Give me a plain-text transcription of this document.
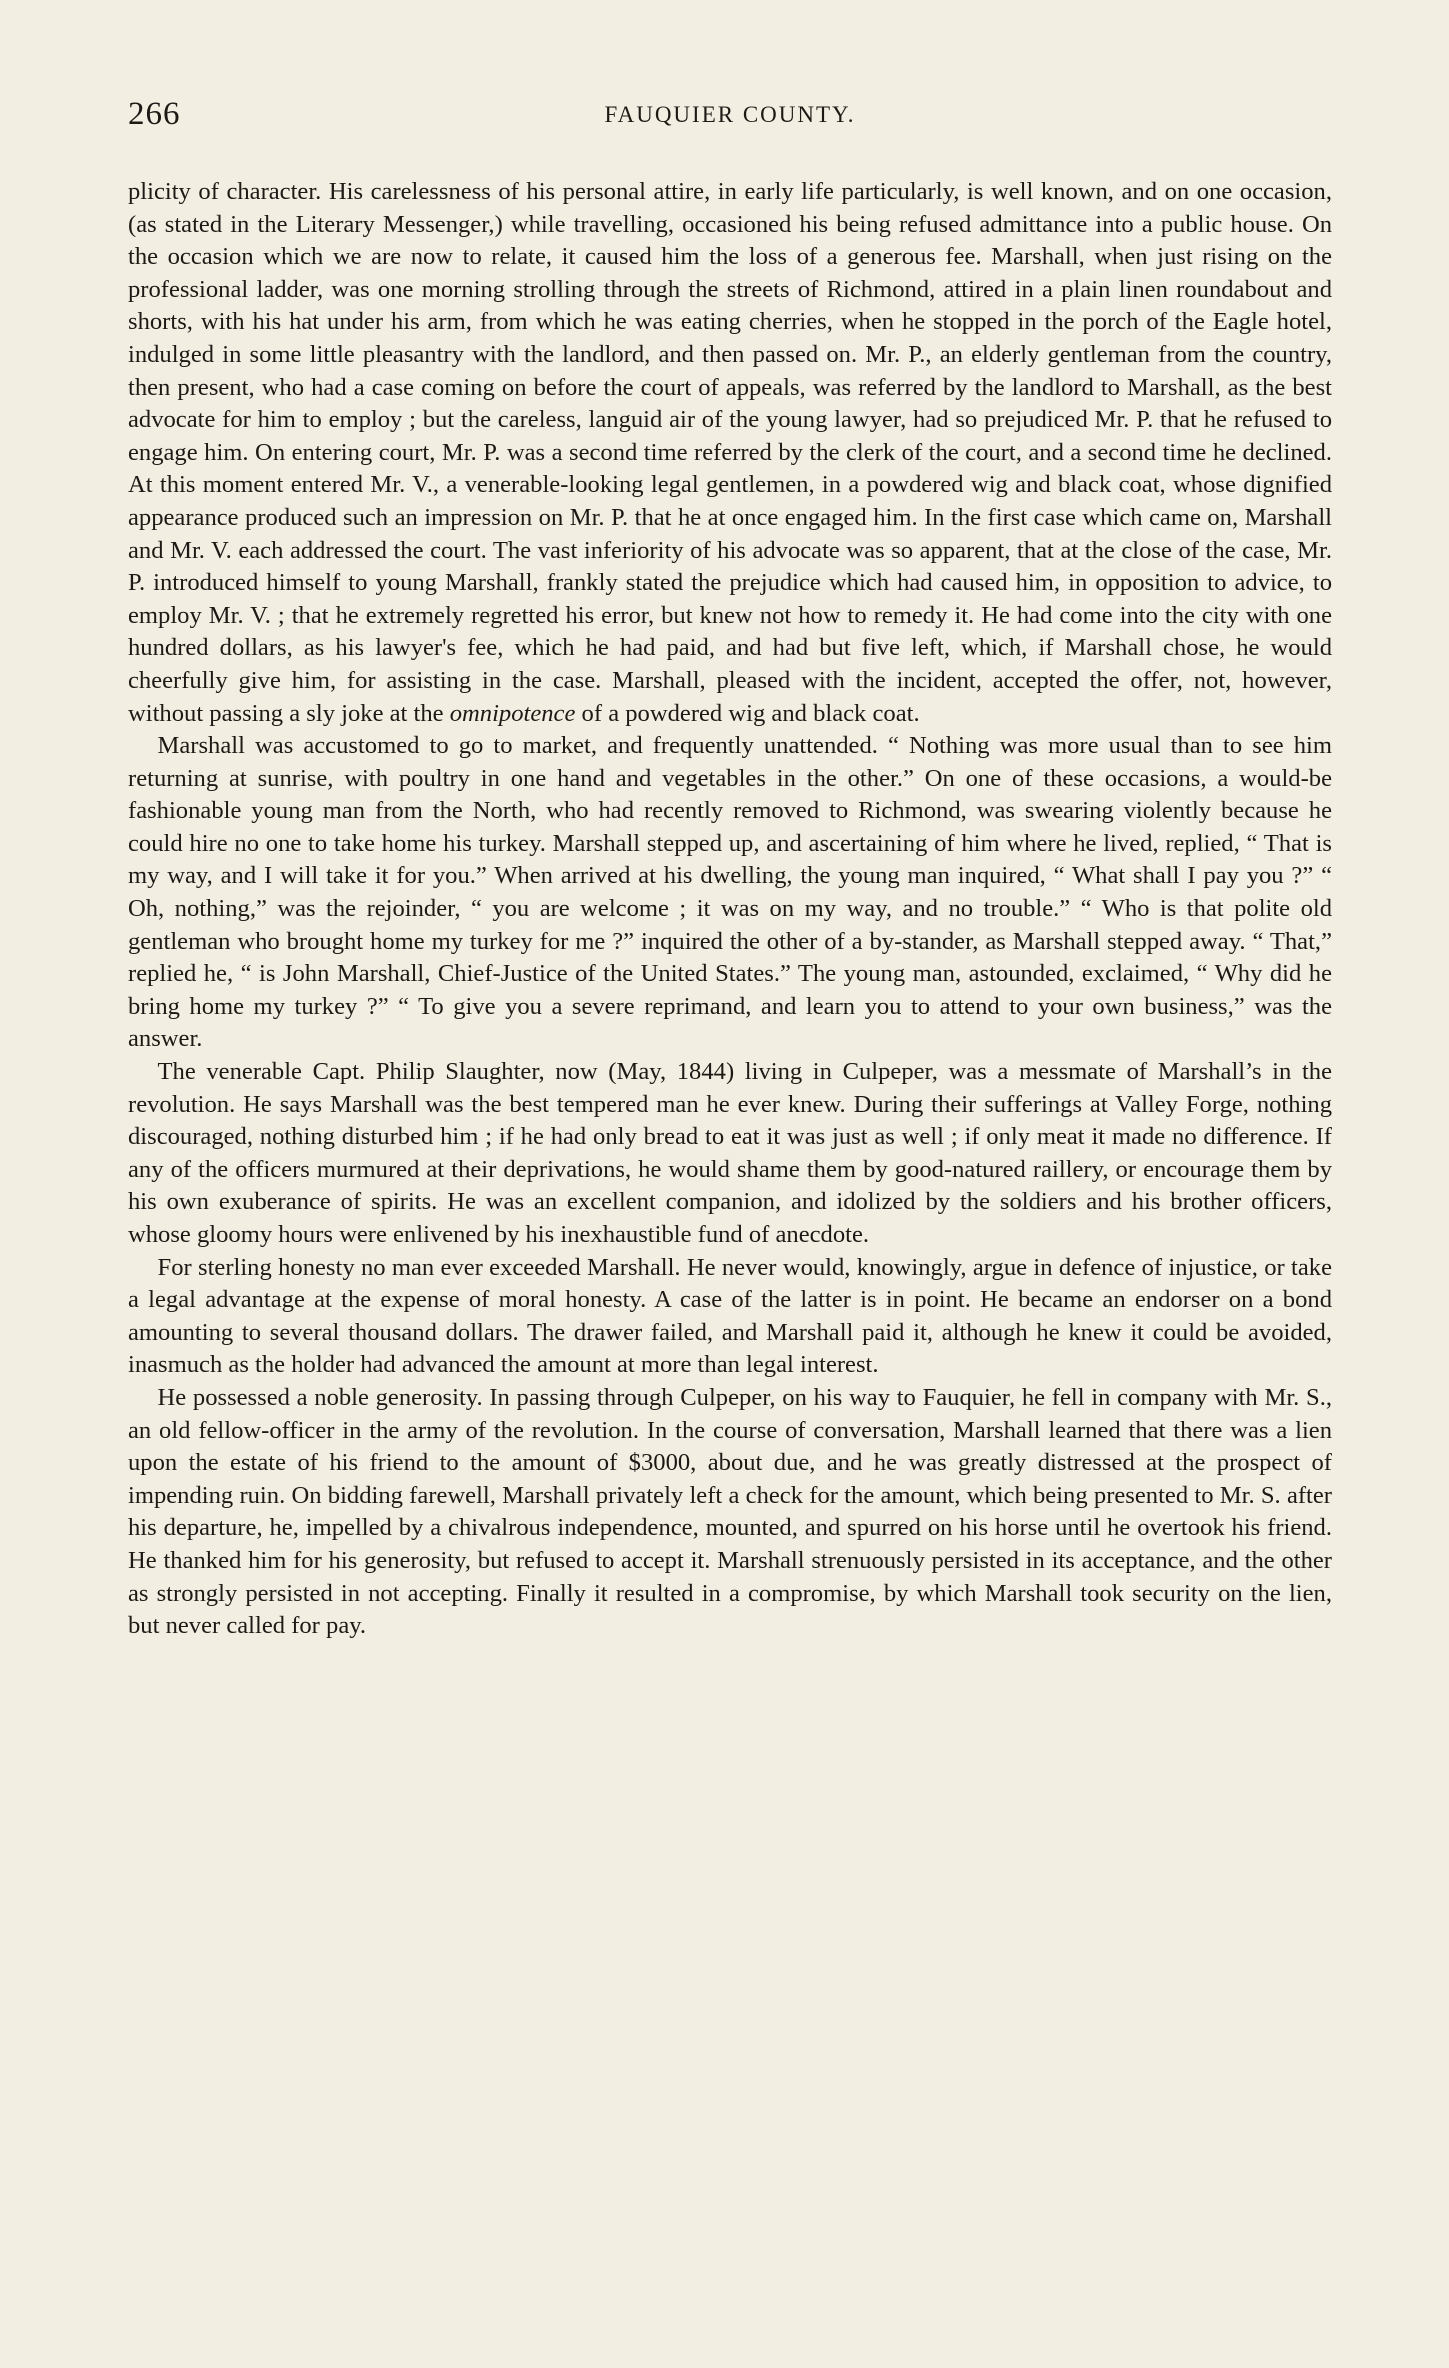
266	FAUQUIER COUNTY.

plicity of character. His carelessness of his personal attire, in early life particularly, is well known, and on one occasion, (as stated in the Literary Messenger,) while travelling, occasioned his being refused admittance into a public house. On the occasion which we are now to relate, it caused him the loss of a generous fee. Marshall, when just rising on the professional ladder, was one morning strolling through the streets of Richmond, attired in a plain linen roundabout and shorts, with his hat under his arm, from which he was eating cherries, when he stopped in the porch of the Eagle hotel, indulged in some little pleasantry with the landlord, and then passed on. Mr. P., an elderly gentleman from the country, then present, who had a case coming on before the court of appeals, was referred by the landlord to Marshall, as the best advocate for him to employ ; but the careless, languid air of the young lawyer, had so prejudiced Mr. P. that he refused to engage him. On entering court, Mr. P. was a second time referred by the clerk of the court, and a second time he declined. At this moment entered Mr. V., a venerable-looking legal gentlemen, in a powdered wig and black coat, whose dignified appearance produced such an impression on Mr. P. that he at once engaged him. In the first case which came on, Marshall and Mr. V. each addressed the court. The vast inferiority of his advocate was so apparent, that at the close of the case, Mr. P. introduced himself to young Marshall, frankly stated the prejudice which had caused him, in opposition to advice, to employ Mr. V. ; that he extremely regretted his error, but knew not how to remedy it. He had come into the city with one hundred dollars, as his lawyer's fee, which he had paid, and had but five left, which, if Marshall chose, he would cheerfully give him, for assisting in the case. Marshall, pleased with the incident, accepted the offer, not, however, without passing a sly joke at the omnipotence of a powdered wig and black coat.

Marshall was accustomed to go to market, and frequently unattended. “ Nothing was more usual than to see him returning at sunrise, with poultry in one hand and vegetables in the other.” On one of these occasions, a would-be fashionable young man from the North, who had recently removed to Richmond, was swearing violently because he could hire no one to take home his turkey. Marshall stepped up, and ascertaining of him where he lived, replied, “ That is my way, and I will take it for you.” When arrived at his dwelling, the young man inquired, “ What shall I pay you ?” “ Oh, nothing,” was the rejoinder, “ you are welcome ; it was on my way, and no trouble.” “ Who is that polite old gentleman who brought home my turkey for me ?” inquired the other of a by-stander, as Marshall stepped away. “ That,” replied he, “ is John Marshall, Chief-Justice of the United States.” The young man, astounded, exclaimed, “ Why did he bring home my turkey ?” “ To give you a severe reprimand, and learn you to attend to your own business,” was the answer.

The venerable Capt. Philip Slaughter, now (May, 1844) living in Culpeper, was a messmate of Marshall’s in the revolution. He says Marshall was the best tempered man he ever knew. During their sufferings at Valley Forge, nothing discouraged, nothing disturbed him ; if he had only bread to eat it was just as well ; if only meat it made no difference. If any of the officers murmured at their deprivations, he would shame them by good-natured raillery, or encourage them by his own exuberance of spirits. He was an excellent companion, and idolized by the soldiers and his brother officers, whose gloomy hours were enlivened by his inexhaustible fund of anecdote.

For sterling honesty no man ever exceeded Marshall. He never would, knowingly, argue in defence of injustice, or take a legal advantage at the expense of moral honesty. A case of the latter is in point. He became an endorser on a bond amounting to several thousand dollars. The drawer failed, and Marshall paid it, although he knew it could be avoided, inasmuch as the holder had advanced the amount at more than legal interest.

He possessed a noble generosity. In passing through Culpeper, on his way to Fauquier, he fell in company with Mr. S., an old fellow-officer in the army of the revolution. In the course of conversation, Marshall learned that there was a lien upon the estate of his friend to the amount of $3000, about due, and he was greatly distressed at the prospect of impending ruin. On bidding farewell, Marshall privately left a check for the amount, which being presented to Mr. S. after his departure, he, impelled by a chivalrous independence, mounted, and spurred on his horse until he overtook his friend. He thanked him for his generosity, but refused to accept it. Marshall strenuously persisted in its acceptance, and the other as strongly persisted in not accepting. Finally it resulted in a compromise, by which Marshall took security on the lien, but never called for pay.
